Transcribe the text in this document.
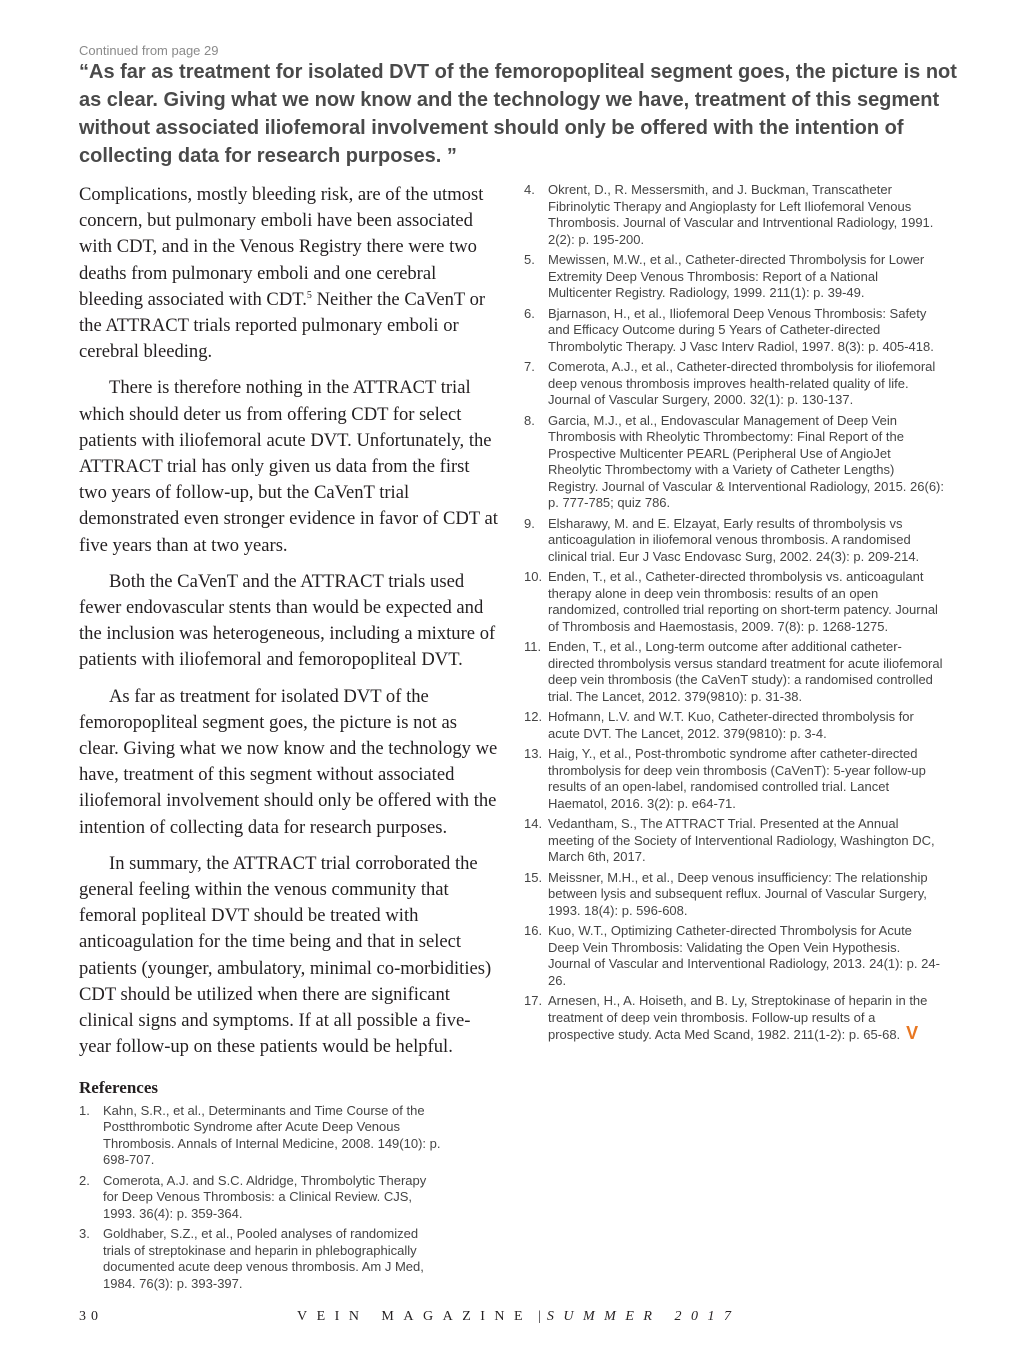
Continued from page 29
“As far as treatment for isolated DVT of the femoropopliteal segment goes, the picture is not as clear. Giving what we now know and the technology we have, treatment of this segment without associated iliofemoral involvement should only be offered with the intention of collecting data for research purposes. ”

Complications, mostly bleeding risk, are of the utmost concern, but pulmonary emboli have been associated with CDT, and in the Venous Registry there were two deaths from pulmonary emboli and one cerebral bleeding associated with CDT.$^5$ Neither the CaVenT or the ATTRACT trials reported pulmonary emboli or cerebral bleeding.

There is therefore nothing in the ATTRACT trial which should deter us from offering CDT for select patients with iliofemoral acute DVT. Unfortunately, the ATTRACT trial has only given us data from the first two years of follow-up, but the CaVenT trial demonstrated even stronger evidence in favor of CDT at five years than at two years.

Both the CaVenT and the ATTRACT trials used fewer endovascular stents than would be expected and the inclusion was heterogeneous, including a mixture of patients with iliofemoral and femoropopliteal DVT.

As far as treatment for isolated DVT of the femoropopliteal segment goes, the picture is not as clear. Giving what we now know and the technology we have, treatment of this segment without associated iliofemoral involvement should only be offered with the intention of collecting data for research purposes.

In summary, the ATTRACT trial corroborated the general feeling within the venous community that femoral popliteal DVT should be treated with anticoagulation for the time being and that in select patients (younger, ambulatory, minimal co-morbidities) CDT should be utilized when there are significant clinical signs and symptoms. If at all possible a five-year follow-up on these patients would be helpful.

References
1. Kahn, S.R., et al., Determinants and Time Course of the Postthrombotic Syndrome after Acute Deep Venous Thrombosis. Annals of Internal Medicine, 2008. 149(10): p. 698-707.
2. Comerota, A.J. and S.C. Aldridge, Thrombolytic Therapy for Deep Venous Thrombosis: a Clinical Review. CJS, 1993. 36(4): p. 359-364.
3. Goldhaber, S.Z., et al., Pooled analyses of randomized trials of streptokinase and heparin in phlebographically documented acute deep venous thrombosis. Am J Med, 1984. 76(3): p. 393-397.
4. Okrent, D., R. Messersmith, and J. Buckman, Transcatheter Fibrinolytic Therapy and Angioplasty for Left Iliofemoral Venous Thrombosis. Journal of Vascular and Intrventional Radiology, 1991. 2(2): p. 195-200.
5. Mewissen, M.W., et al., Catheter-directed Thrombolysis for Lower Extremity Deep Venous Thrombosis: Report of a National Multicenter Registry. Radiology, 1999. 211(1): p. 39-49.
6. Bjarnason, H., et al., Iliofemoral Deep Venous Thrombosis: Safety and Efficacy Outcome during 5 Years of Catheter-directed Thrombolytic Therapy. J Vasc Interv Radiol, 1997. 8(3): p. 405-418.
7. Comerota, A.J., et al., Catheter-directed thrombolysis for iliofemoral deep venous thrombosis improves health-related quality of life. Journal of Vascular Surgery, 2000. 32(1): p. 130-137.
8. Garcia, M.J., et al., Endovascular Management of Deep Vein Thrombosis with Rheolytic Thrombectomy: Final Report of the Prospective Multicenter PEARL (Peripheral Use of AngioJet Rheolytic Thrombectomy with a Variety of Catheter Lengths) Registry. Journal of Vascular & Interventional Radiology, 2015. 26(6): p. 777-785; quiz 786.
9. Elsharawy, M. and E. Elzayat, Early results of thrombolysis vs anticoagulation in iliofemoral venous thrombosis. A randomised clinical trial. Eur J Vasc Endovasc Surg, 2002. 24(3): p. 209-214.
10. Enden, T., et al., Catheter-directed thrombolysis vs. anticoagulant therapy alone in deep vein thrombosis: results of an open randomized, controlled trial reporting on short-term patency. Journal of Thrombosis and Haemostasis, 2009. 7(8): p. 1268-1275.
11. Enden, T., et al., Long-term outcome after additional catheter-directed thrombolysis versus standard treatment for acute iliofemoral deep vein thrombosis (the CaVenT study): a randomised controlled trial. The Lancet, 2012. 379(9810): p. 31-38.
12. Hofmann, L.V. and W.T. Kuo, Catheter-directed thrombolysis for acute DVT. The Lancet, 2012. 379(9810): p. 3-4.
13. Haig, Y., et al., Post-thrombotic syndrome after catheter-directed thrombolysis for deep vein thrombosis (CaVenT): 5-year follow-up results of an open-label, randomised controlled trial. Lancet Haematol, 2016. 3(2): p. e64-71.
14. Vedantham, S., The ATTRACT Trial. Presented at the Annual meeting of the Society of Interventional Radiology, Washington DC, March 6th, 2017.
15. Meissner, M.H., et al., Deep venous insufficiency: The relationship between lysis and subsequent reflux. Journal of Vascular Surgery, 1993. 18(4): p. 596-608.
16. Kuo, W.T., Optimizing Catheter-directed Thrombolysis for Acute Deep Vein Thrombosis: Validating the Open Vein Hypothesis. Journal of Vascular and Interventional Radiology, 2013. 24(1): p. 24-26.
17. Arnesen, H., A. Hoiseth, and B. Ly, Streptokinase of heparin in the treatment of deep vein thrombosis. Follow-up results of a prospective study. Acta Med Scand, 1982. 211(1-2): p. 65-68. V
30	VEIN MAGAZINE | SUMMER 2017
